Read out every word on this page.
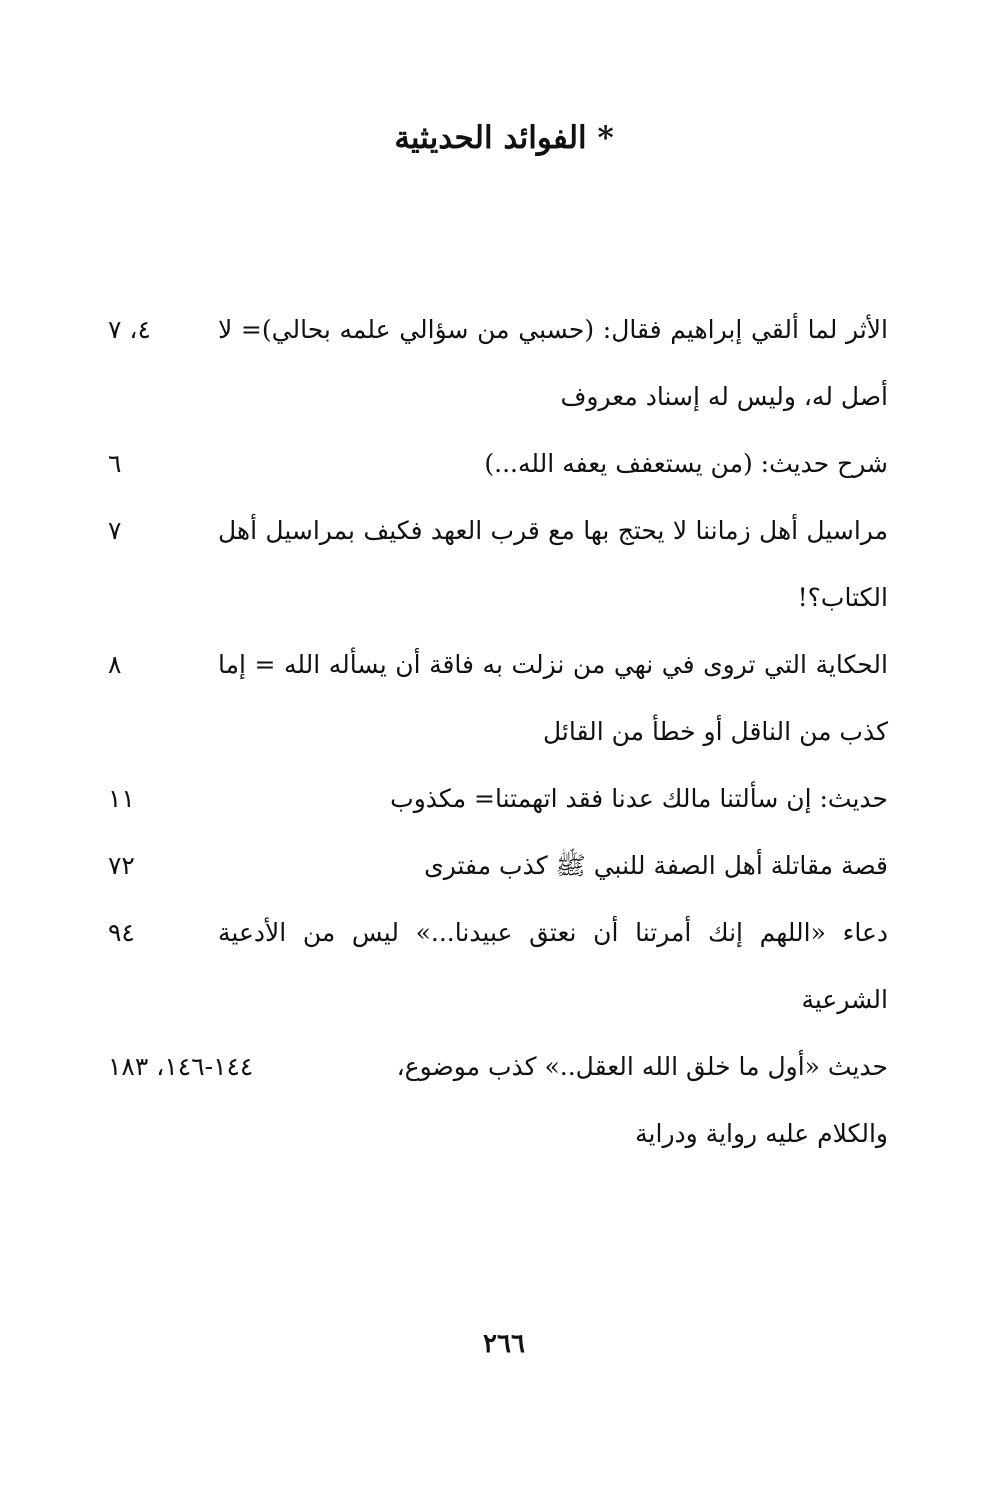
* الفوائد الحديثية
الأثر لما ألقي إبراهيم فقال: (حسبي من سؤالي علمه بحالي)= لا أصل له، وليس له إسناد معروف
٤، ٧
شرح حديث: (من يستعفف يعفه الله...)
٦
مراسيل أهل زماننا لا يحتج بها مع قرب العهد فكيف بمراسيل أهل الكتاب؟!
٧
الحكاية التي تروى في نهي من نزلت به فاقة أن يسأله الله = إما كذب من الناقل أو خطأ من القائل
٨
حديث: إن سألتنا مالك عدنا فقد اتهمتنا= مكذوب
١١
قصة مقاتلة أهل الصفة للنبي ﷺ كذب مفترى
٧٢
دعاء «اللهم إنك أمرتنا أن نعتق عبيدنا...» ليس من الأدعية الشرعية
٩٤
حديث «أول ما خلق الله العقل..» كذب موضوع،
١٤٤-١٤٦، ١٨٣
والكلام عليه رواية ودراية
٢٦٦
